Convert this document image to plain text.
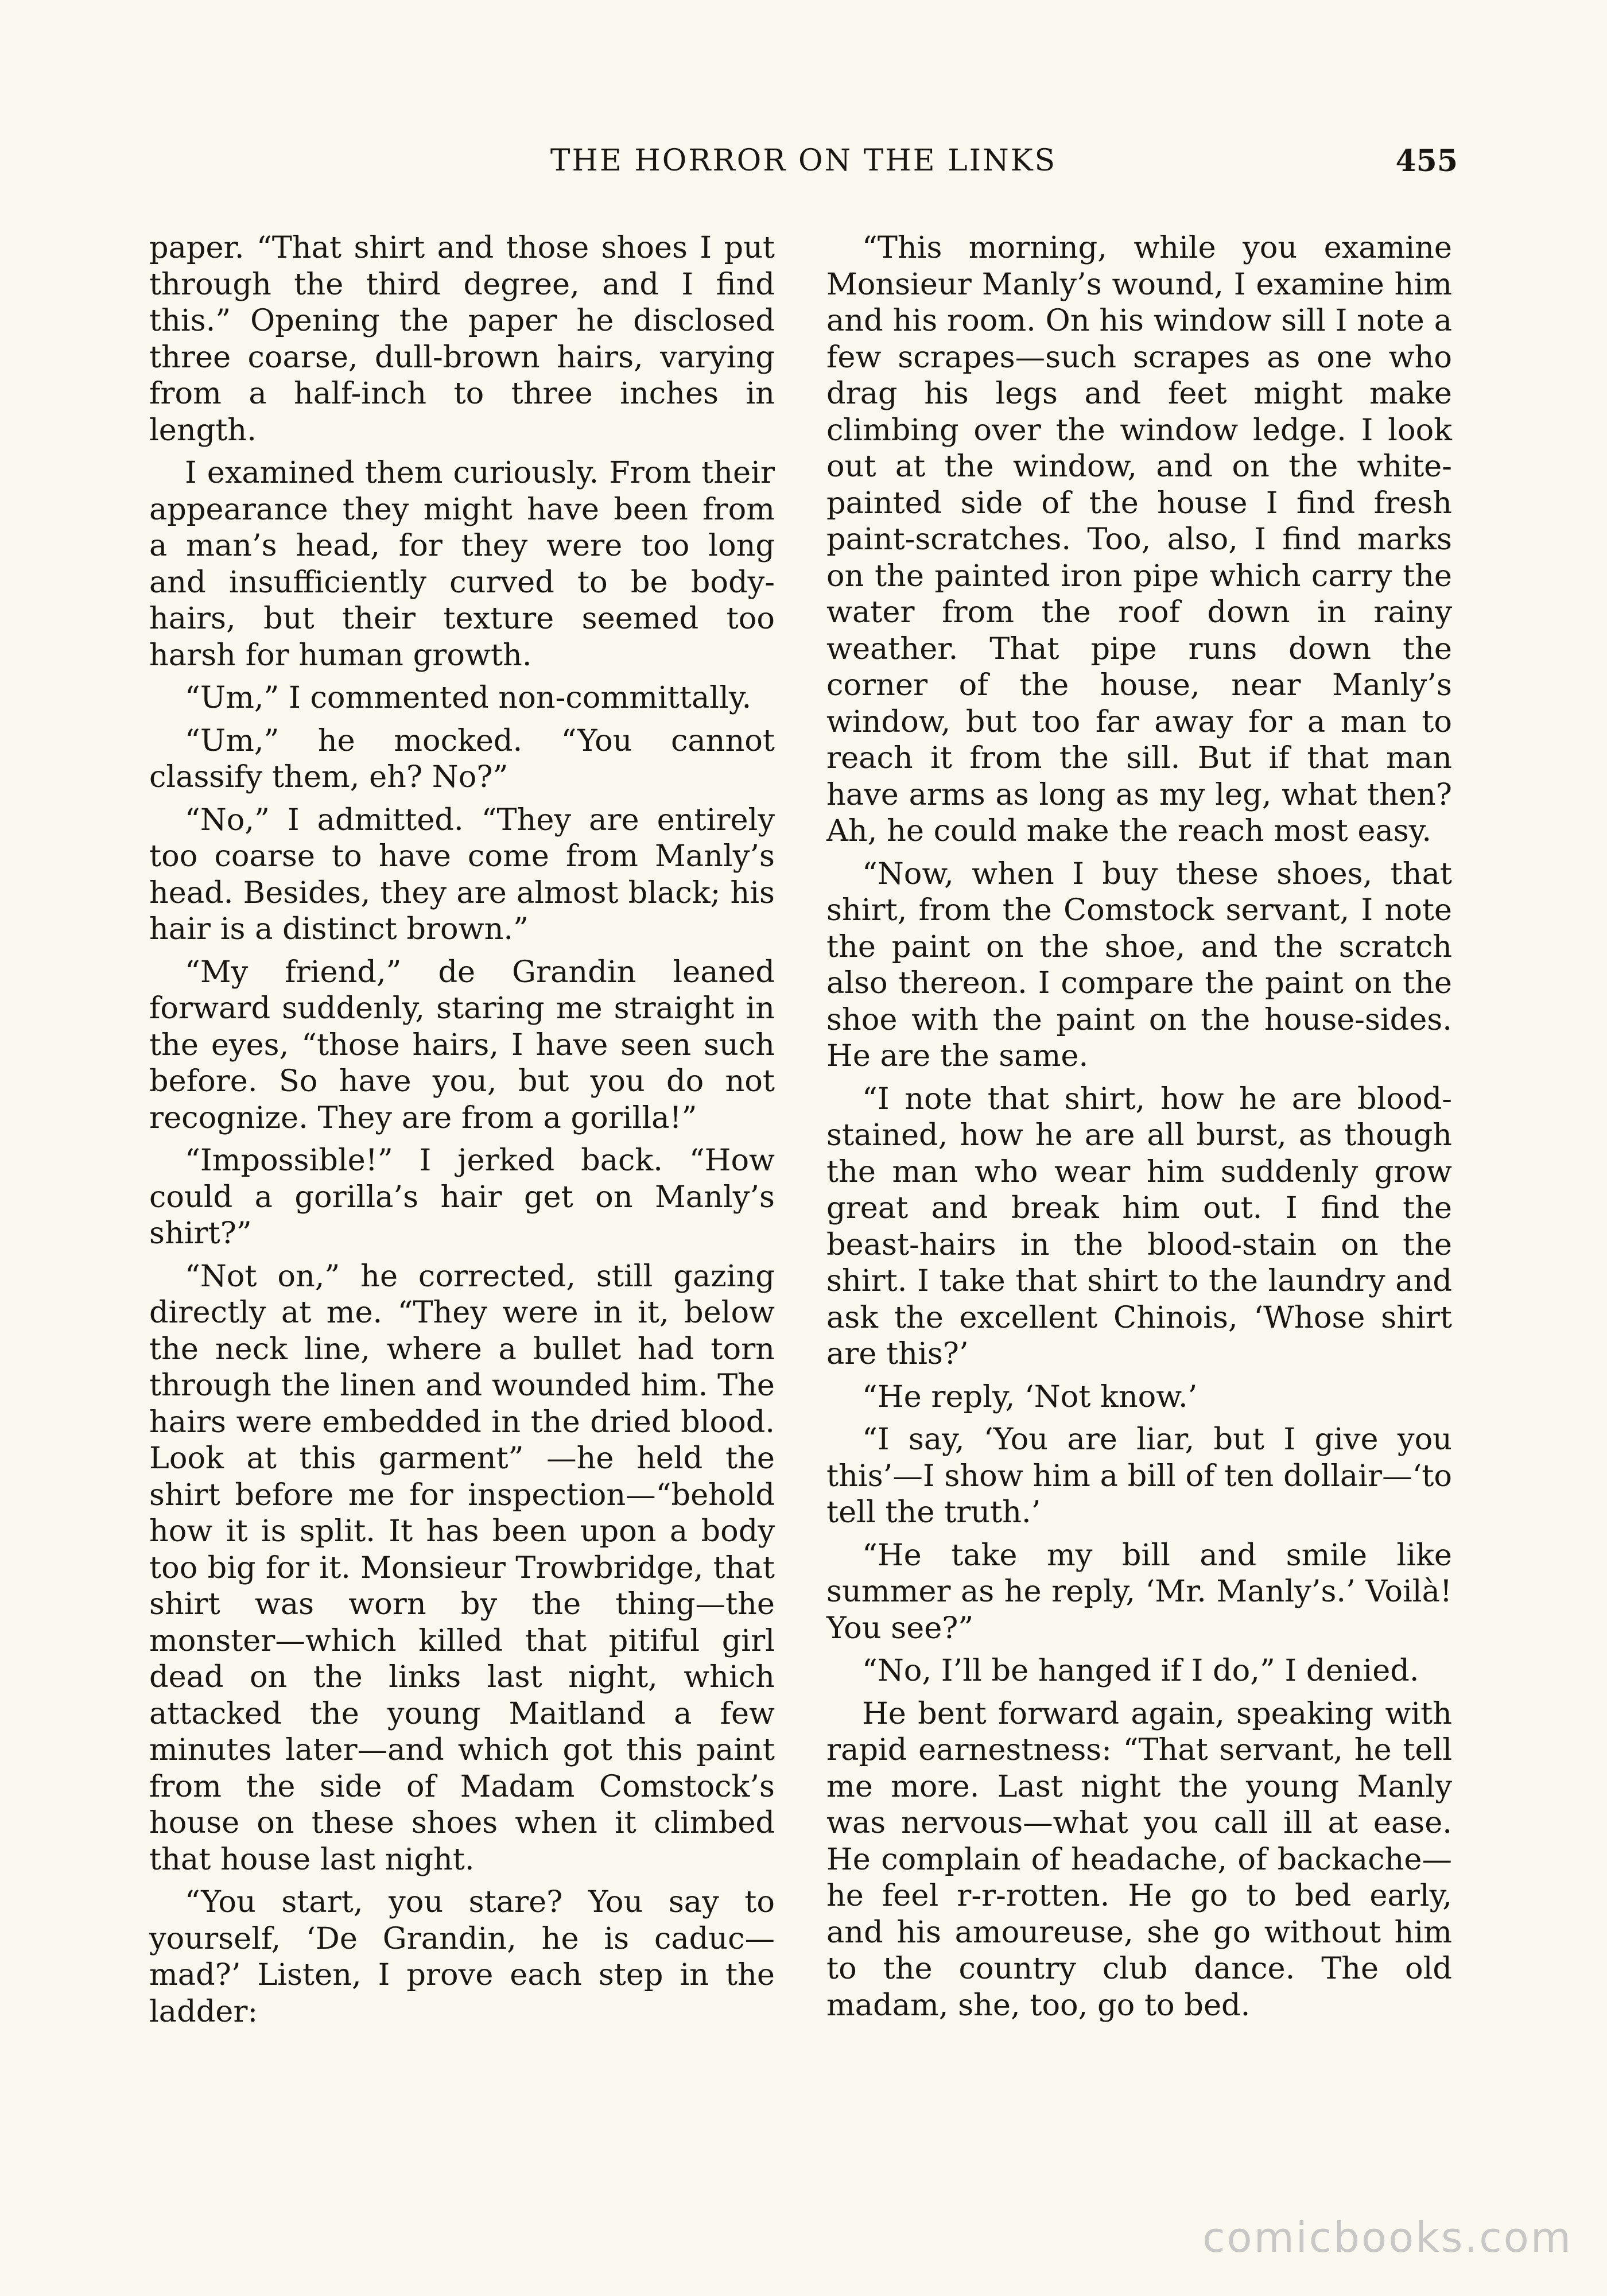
THE HORROR ON THE LINKS	455

paper. “That shirt and those shoes I put through the third degree, and I find this.” Opening the paper he disclosed three coarse, dull-brown hairs, varying from a half-inch to three inches in length.

I examined them curiously. From their appearance they might have been from a man’s head, for they were too long and insufficiently curved to be body-hairs, but their texture seemed too harsh for human growth.

“Um,” I commented non-committally.

“Um,” he mocked. “You cannot classify them, eh? No?”

“No,” I admitted. “They are entirely too coarse to have come from Manly’s head. Besides, they are almost black; his hair is a distinct brown.”

“My friend,” de Grandin leaned forward suddenly, staring me straight in the eyes, “those hairs, I have seen such before. So have you, but you do not recognize. They are from a gorilla!”

“Impossible!” I jerked back. “How could a gorilla’s hair get on Manly’s shirt?”

“Not on,” he corrected, still gazing directly at me. “They were in it, below the neck line, where a bullet had torn through the linen and wounded him. The hairs were embedded in the dried blood. Look at this garment” —he held the shirt before me for inspection—“behold how it is split. It has been upon a body too big for it. Monsieur Trowbridge, that shirt was worn by the thing—the monster—which killed that pitiful girl dead on the links last night, which attacked the young Maitland a few minutes later—and which got this paint from the side of Madam Comstock’s house on these shoes when it climbed that house last night.

“You start, you stare? You say to yourself, ‘De Grandin, he is caduc—mad?’ Listen, I prove each step in the ladder:

“This morning, while you examine Monsieur Manly’s wound, I examine him and his room. On his window sill I note a few scrapes—such scrapes as one who drag his legs and feet might make climbing over the window ledge. I look out at the window, and on the white-painted side of the house I find fresh paint-scratches. Too, also, I find marks on the painted iron pipe which carry the water from the roof down in rainy weather. That pipe runs down the corner of the house, near Manly’s window, but too far away for a man to reach it from the sill. But if that man have arms as long as my leg, what then? Ah, he could make the reach most easy.

“Now, when I buy these shoes, that shirt, from the Comstock servant, I note the paint on the shoe, and the scratch also thereon. I compare the paint on the shoe with the paint on the house-sides. He are the same.

“I note that shirt, how he are blood-stained, how he are all burst, as though the man who wear him suddenly grow great and break him out. I find the beast-hairs in the blood-stain on the shirt. I take that shirt to the laundry and ask the excellent Chinois, ‘Whose shirt are this?’

“He reply, ‘Not know.’

“I say, ‘You are liar, but I give you this’—I show him a bill of ten dollair—‘to tell the truth.’

“He take my bill and smile like summer as he reply, ‘Mr. Manly’s.’ Voilà! You see?”

“No, I’ll be hanged if I do,” I denied.

He bent forward again, speaking with rapid earnestness: “That servant, he tell me more. Last night the young Manly was nervous—what you call ill at ease. He complain of headache, of backache—he feel r-r-rotten. He go to bed early, and his amoureuse, she go without him to the country club dance. The old madam, she, too, go to bed.

comicbooks.com
